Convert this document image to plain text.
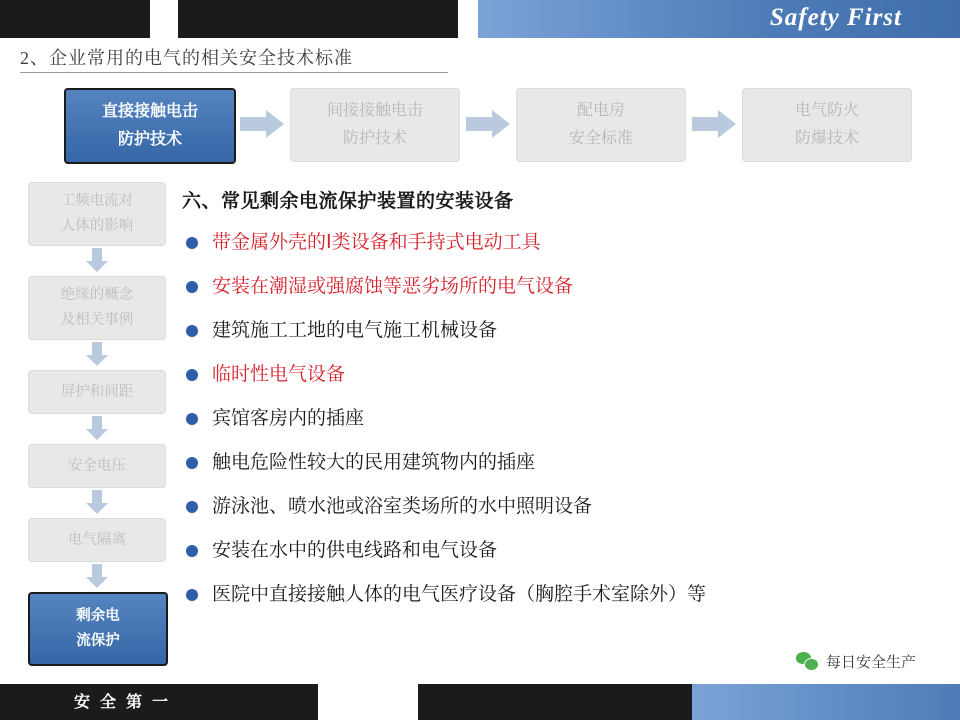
Safety First
2、企业常用的电气的相关安全技术标准
直接接触电击
防护技术
间接接触电击
防护技术
配电房
安全标准
电气防火
防爆技术
工频电流对
人体的影响
绝缘的概念
及相关事例
屏护和间距
安全电压
电气隔离
剩余电
流保护
六、常见剩余电流保护装置的安装设备
带金属外壳的Ⅰ类设备和手持式电动工具
安装在潮湿或强腐蚀等恶劣场所的电气设备
建筑施工工地的电气施工机械设备
临时性电气设备
宾馆客房内的插座
触电危险性较大的民用建筑物内的插座
游泳池、喷水池或浴室类场所的水中照明设备
安装在水中的供电线路和电气设备
医院中直接接触人体的电气医疗设备（胸腔手术室除外）等
每日安全生产
安 全 第 一
